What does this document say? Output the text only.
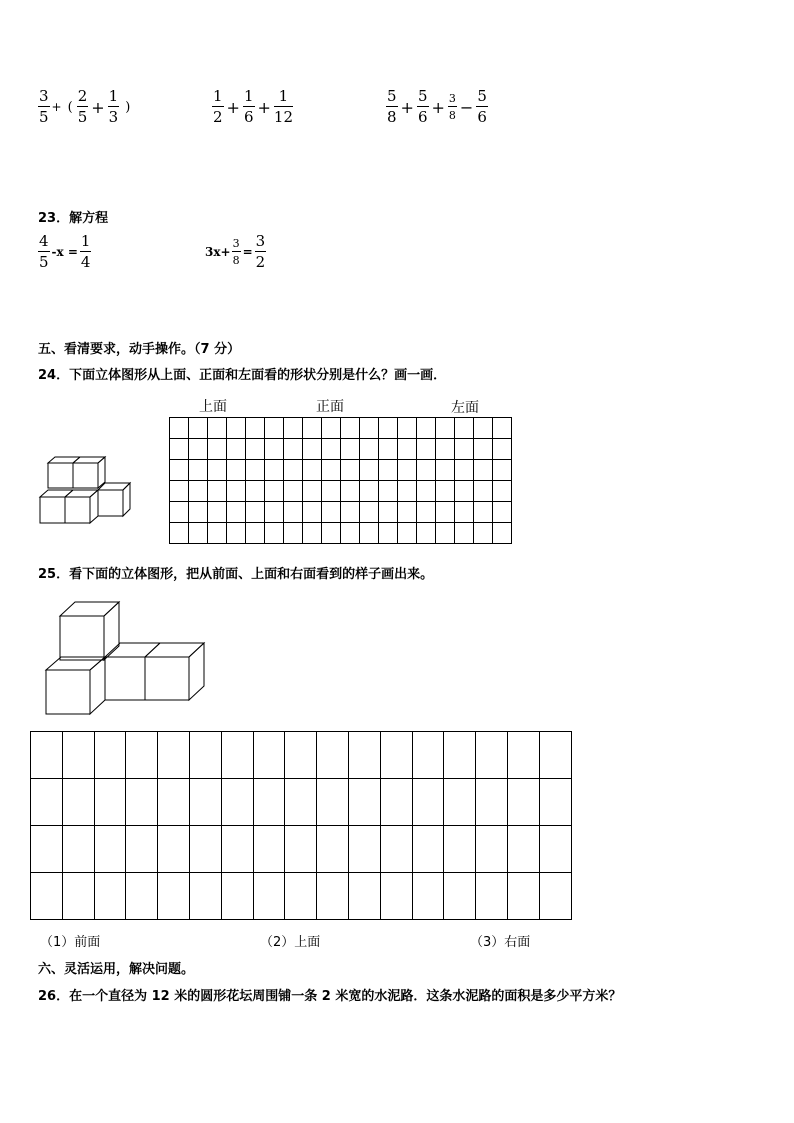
$\frac{3}{5}$ + ( $\frac{2}{5} + \frac{1}{3}$ )	$\frac{1}{2} + \frac{1}{6} + \frac{1}{12}$	$\frac{5}{8} + \frac{5}{6} + \frac{3}{8} - \frac{5}{6}$
23．解方程
$\frac{4}{5} -x = \frac{1}{4}$	$3x+ \frac{3}{8} = \frac{3}{2}$
五、看清要求，动手操作。（7 分）
24．下面立体图形从上面、正面和左面看的形状分别是什么？画一画．
上面	正面	左面

25．看下面的立体图形，把从前面、上面和右面看到的样子画出来。

（1）前面	（2）上面	（3）右面
六、灵活运用，解决问题。
26．在一个直径为 12 米的圆形花坛周围铺一条 2 米宽的水泥路．这条水泥路的面积是多少平方米？
